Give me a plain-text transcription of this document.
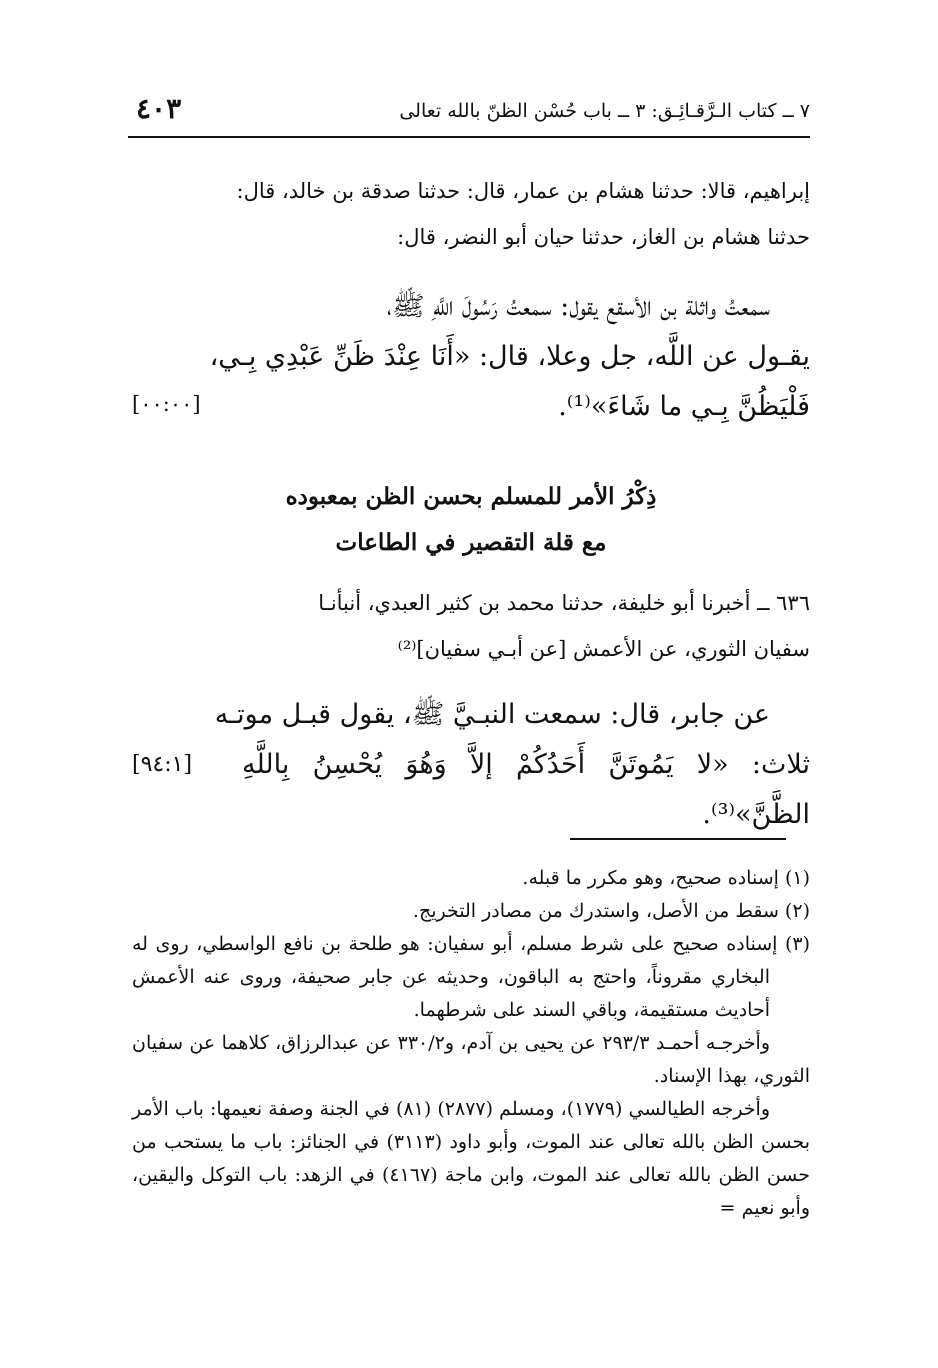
٧ ــ كتاب الـرَّقـائِـق: ٣ ــ باب حُسْن الظنّ بالله تعالى
٤٠٣

إبراهيم، قالا: حدثنا هشام بن عمار، قال: حدثنا صدقة بن خالد، قال:

حدثنا هشام بن الغاز، حدثنا حيان أبو النضر، قال:

سمعتُ واثلة بن الأسقع يقول: سمعتُ رَسُولَ اللَّهِ ﷺ،

يقـول عن اللَّه، جل وعلا، قال: «أَنَا عِنْدَ ظَنِّ عَبْدِي بِـي،

فَلْيَظُنَّ بِـي ما شَاءَ»⁽¹⁾.

[٠٠:٠٠]
ذِكْرُ الأمر للمسلم بحسن الظن بمعبوده
مع قلة التقصير في الطاعات

٦٣٦ ــ أخبرنا أبو خليفة، حدثنا محمد بن كثير العبدي، أنبأنـا

سفيان الثوري، عن الأعمش [عن أبـي سفيان]⁽²⁾

عن جابر، قال: سمعت النبـيَّ ﷺ، يقول قبـل موتـه

ثلاث: «لا يَمُوتَنَّ أَحَدُكُمْ إلاَّ وَهُوَ يُحْسِنُ بِاللَّهِ الظَّنَّ»⁽³⁾.

[٩٤:١]

(١) إسناده صحيح، وهو مكرر ما قبله.

(٢) سقط من الأصل، واستدرك من مصادر التخريج.

(٣) إسناده صحيح على شرط مسلم، أبو سفيان: هو طلحة بن نافع الواسطي، روى له البخاري مقروناً، واحتج به الباقون، وحديثه عن جابر صحيفة، وروى عنه الأعمش أحاديث مستقيمة، وباقي السند على شرطهما.

وأخرجـه أحمـد ٢٩٣/٣ عن يحيى بن آدم، و٣٣٠/٢ عن عبدالرزاق، كلاهما عن سفيان الثوري، بهذا الإسناد.

وأخرجه الطيالسي (١٧٧٩)، ومسلم (٢٨٧٧) (٨١) في الجنة وصفة نعيمها: باب الأمر بحسن الظن بالله تعالى عند الموت، وأبو داود (٣١١٣) في الجنائز: باب ما يستحب من حسن الظن بالله تعالى عند الموت، وابن ماجة (٤١٦٧) في الزهد: باب التوكل واليقين، وأبو نعيم =
